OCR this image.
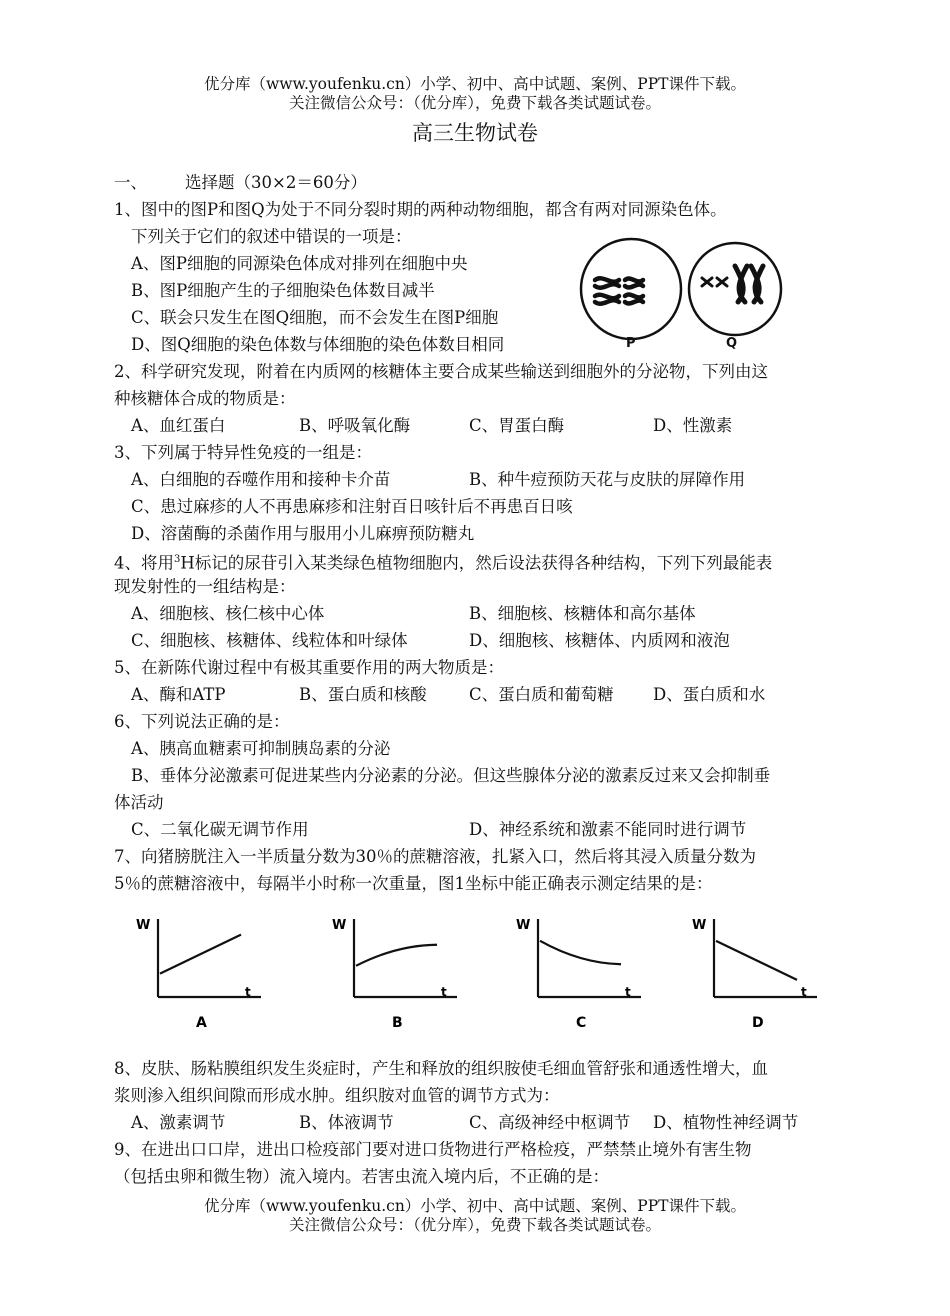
优分库（www.youfenku.cn）小学、初中、高中试题、案例、PPT课件下载。
关注微信公众号：（优分库），免费下载各类试题试卷。
高三生物试卷
一、 选择题（30×2＝60分）
1、图中的图P和图Q为处于不同分裂时期的两种动物细胞，都含有两对同源染色体。
下列关于它们的叙述中错误的一项是：
A、图P细胞的同源染色体成对排列在细胞中央
B、图P细胞产生的子细胞染色体数目减半
C、联会只发生在图Q细胞，而不会发生在图P细胞
D、图Q细胞的染色体数与体细胞的染色体数目相同	P	Q
2、科学研究发现，附着在内质网的核糖体主要合成某些输送到细胞外的分泌物，下列由这
种核糖体合成的物质是：
A、血红蛋白	B、呼吸氧化酶	C、胃蛋白酶	D、性激素
3、下列属于特异性免疫的一组是：
A、白细胞的吞噬作用和接种卡介苗	B、种牛痘预防天花与皮肤的屏障作用
C、患过麻疹的人不再患麻疹和注射百日咳针后不再患百日咳
D、溶菌酶的杀菌作用与服用小儿麻痹预防糖丸
4、将用$^3$H标记的尿苷引入某类绿色植物细胞内，然后设法获得各种结构，下列下列最能表
现发射性的一组结构是：
A、细胞核、核仁核中心体	B、细胞核、核糖体和高尔基体
C、细胞核、核糖体、线粒体和叶绿体	D、细胞核、核糖体、内质网和液泡
5、在新陈代谢过程中有极其重要作用的两大物质是：
A、酶和ATP	B、蛋白质和核酸	C、蛋白质和葡萄糖 D、蛋白质和水
6、下列说法正确的是：
A、胰高血糖素可抑制胰岛素的分泌
B、垂体分泌激素可促进某些内分泌素的分泌。但这些腺体分泌的激素反过来又会抑制垂
体活动
C、二氧化碳无调节作用	D、神经系统和激素不能同时进行调节
7、向猪膀胱注入一半质量分数为30％的蔗糖溶液，扎紧入口，然后将其浸入质量分数为
5％的蔗糖溶液中，每隔半小时称一次重量，图1坐标中能正确表示测定结果的是：
W
t
A
W
t
B
W
t
C
W
t
D
8、皮肤、肠粘膜组织发生炎症时，产生和释放的组织胺使毛细血管舒张和通透性增大，血
浆则渗入组织间隙而形成水肿。组织胺对血管的调节方式为：
A、激素调节	B、体液调节	C、高级神经中枢调节 D、植物性神经调节
9、在进出口口岸，进出口检疫部门要对进口货物进行严格检疫，严禁禁止境外有害生物
（包括虫卵和微生物）流入境内。若害虫流入境内后，不正确的是：
优分库（www.youfenku.cn）小学、初中、高中试题、案例、PPT课件下载。
关注微信公众号：（优分库），免费下载各类试题试卷。
